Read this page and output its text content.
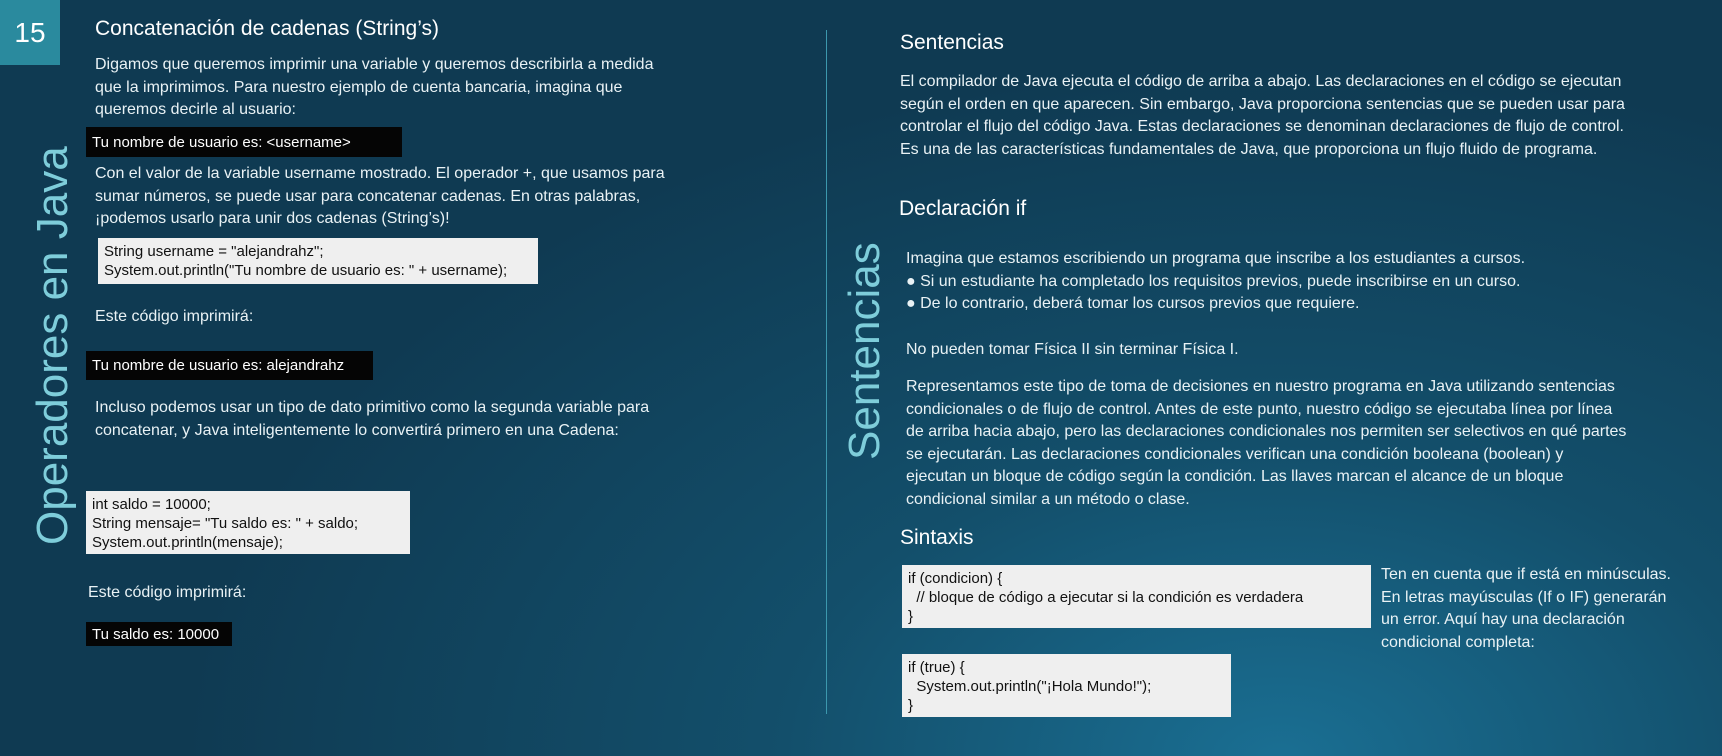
15
Operadores en Java	Sentencias
Concatenación de cadenas (String’s)
Digamos que queremos imprimir una variable y queremos describirla a medida
que la imprimimos. Para nuestro ejemplo de cuenta bancaria, imagina que
queremos decirle al usuario:
Tu nombre de usuario es: <username>
Con el valor de la variable username mostrado. El operador +, que usamos para
sumar números, se puede usar para concatenar cadenas. En otras palabras,
¡podemos usarlo para unir dos cadenas (String’s)!
String username = "alejandrahz";
System.out.println("Tu nombre de usuario es: " + username);
Este código imprimirá:
Tu nombre de usuario es: alejandrahz
Incluso podemos usar un tipo de dato primitivo como la segunda variable para
concatenar, y Java inteligentemente lo convertirá primero en una Cadena:
int saldo = 10000;
String mensaje= "Tu saldo es: " + saldo;
System.out.println(mensaje);
Este código imprimirá:
Tu saldo es: 10000
Sentencias
El compilador de Java ejecuta el código de arriba a abajo. Las declaraciones en el código se ejecutan
según el orden en que aparecen. Sin embargo, Java proporciona sentencias que se pueden usar para
controlar el flujo del código Java. Estas declaraciones se denominan declaraciones de flujo de control.
Es una de las características fundamentales de Java, que proporciona un flujo fluido de programa.
Declaración if
Imagina que estamos escribiendo un programa que inscribe a los estudiantes a cursos.
● Si un estudiante ha completado los requisitos previos, puede inscribirse en un curso.
● De lo contrario, deberá tomar los cursos previos que requiere.
No pueden tomar Física II sin terminar Física I.
Representamos este tipo de toma de decisiones en nuestro programa en Java utilizando sentencias
condicionales o de flujo de control. Antes de este punto, nuestro código se ejecutaba línea por línea
de arriba hacia abajo, pero las declaraciones condicionales nos permiten ser selectivos en qué partes
se ejecutarán. Las declaraciones condicionales verifican una condición booleana (boolean) y
ejecutan un bloque de código según la condición. Las llaves marcan el alcance de un bloque
condicional similar a un método o clase.
Sintaxis
if (condicion) {
// bloque de código a ejecutar si la condición es verdadera
}
Ten en cuenta que if está en minúsculas.
En letras mayúsculas (If o IF) generarán
un error. Aquí hay una declaración
condicional completa:
if (true) {
System.out.println("¡Hola Mundo!");
}
